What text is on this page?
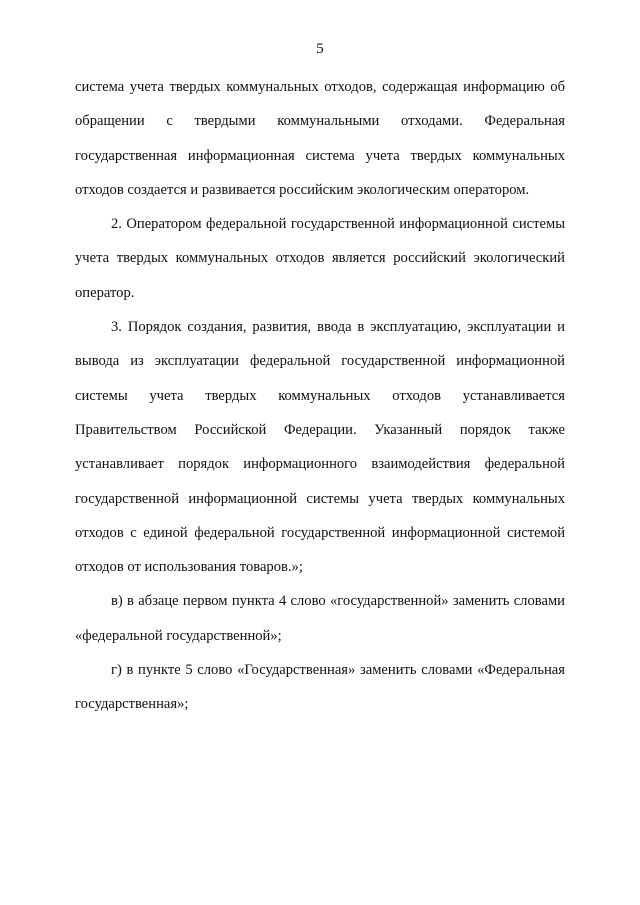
5

система учета твердых коммунальных отходов, содержащая информацию об обращении с твердыми коммунальными отходами. Федеральная государственная информационная система учета твердых коммунальных отходов создается и развивается российским экологическим оператором.

2. Оператором федеральной государственной информационной системы учета твердых коммунальных отходов является российский экологический оператор.

3. Порядок создания, развития, ввода в эксплуатацию, эксплуатации и вывода из эксплуатации федеральной государственной информационной системы учета твердых коммунальных отходов устанавливается Правительством Российской Федерации. Указанный порядок также устанавливает порядок информационного взаимодействия федеральной государственной информационной системы учета твердых коммунальных отходов с единой федеральной государственной информационной системой отходов от использования товаров.»;

в) в абзаце первом пункта 4 слово «государственной» заменить словами «федеральной государственной»;

г) в пункте 5 слово «Государственная» заменить словами «Федеральная государственная»;
